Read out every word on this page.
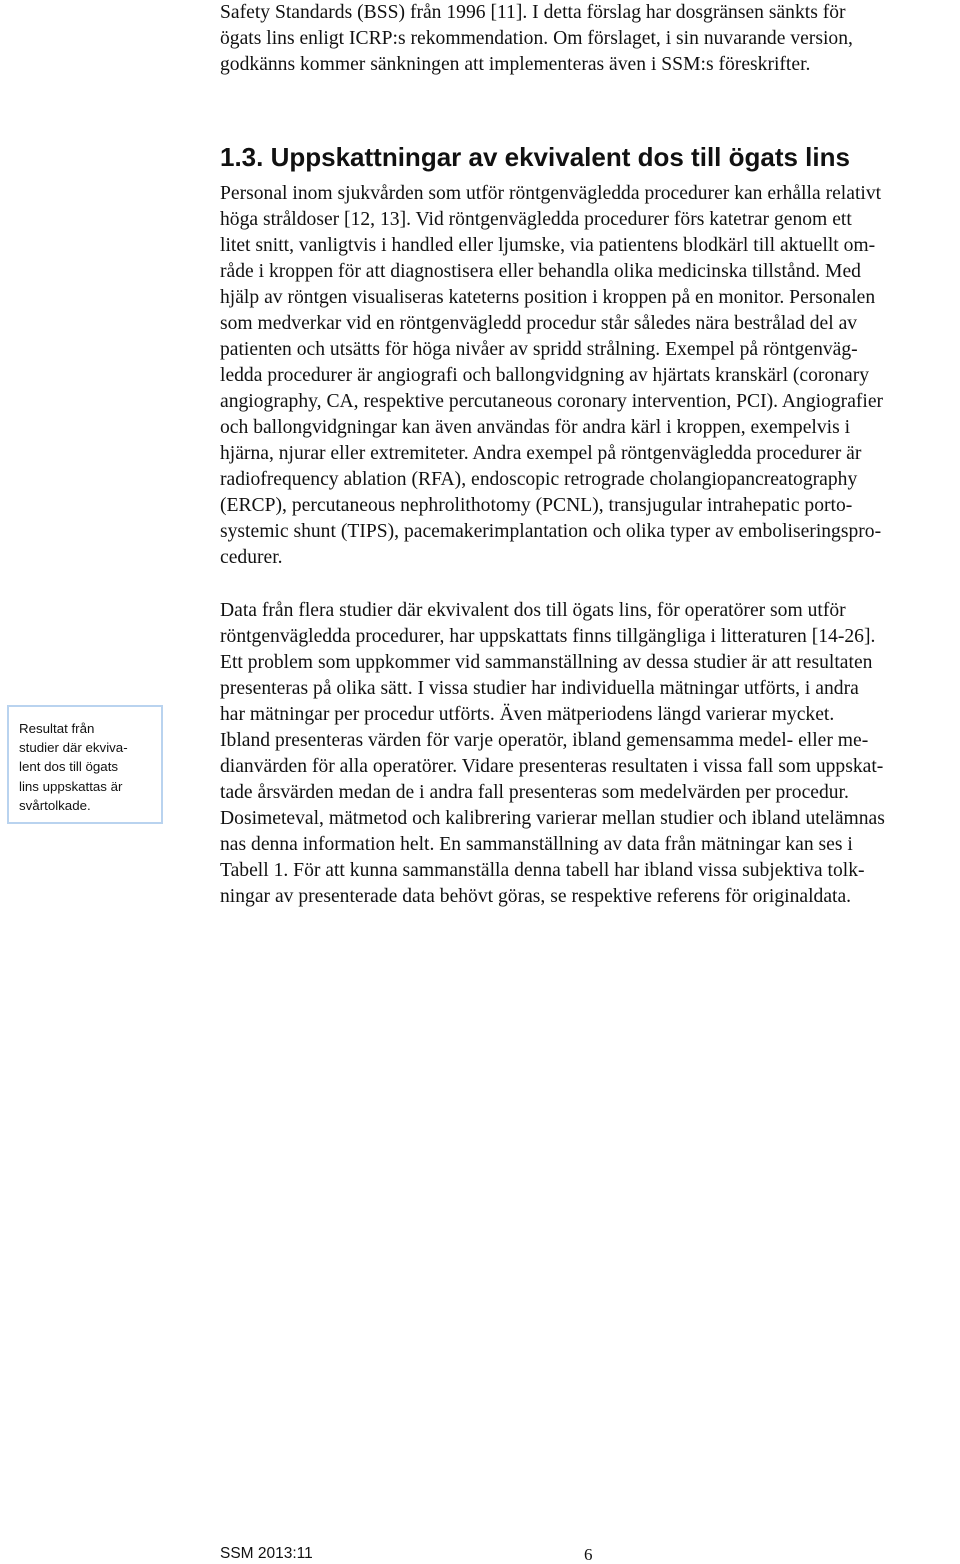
Safety Standards (BSS) från 1996 [11]. I detta förslag har dosgränsen sänkts för

ögats lins enligt ICRP:s rekommendation. Om förslaget, i sin nuvarande version,

godkänns kommer sänkningen att implementeras även i SSM:s föreskrifter.

1.3. Uppskattningar av ekvivalent dos till ögats lins

Personal inom sjukvården som utför röntgenvägledda procedurer kan erhålla relativt

höga stråldoser [12, 13]. Vid röntgenvägledda procedurer förs katetrar genom ett

litet snitt, vanligtvis i handled eller ljumske, via patientens blodkärl till aktuellt om-

råde i kroppen för att diagnostisera eller behandla olika medicinska tillstånd. Med

hjälp av röntgen visualiseras kateterns position i kroppen på en monitor. Personalen

som medverkar vid en röntgenvägledd procedur står således nära bestrålad del av

patienten och utsätts för höga nivåer av spridd strålning. Exempel på röntgenväg-

ledda procedurer är angiografi och ballongvidgning av hjärtats kranskärl (coronary

angiography, CA, respektive percutaneous coronary intervention, PCI). Angiografier

och ballongvidgningar kan även användas för andra kärl i kroppen, exempelvis i

hjärna, njurar eller extremiteter. Andra exempel på röntgenvägledda procedurer är

radiofrequency ablation (RFA), endoscopic retrograde cholangiopancreatography

(ERCP), percutaneous nephrolithotomy (PCNL), transjugular intrahepatic porto-

systemic shunt (TIPS), pacemakerimplantation och olika typer av emboliseringspro-

cedurer.

Data från flera studier där ekvivalent dos till ögats lins, för operatörer som utför

röntgenvägledda procedurer, har uppskattats finns tillgängliga i litteraturen [14-26].

Ett problem som uppkommer vid sammanställning av dessa studier är att resultaten

presenteras på olika sätt. I vissa studier har individuella mätningar utförts, i andra

har mätningar per procedur utförts. Även mätperiodens längd varierar mycket.

Ibland presenteras värden för varje operatör, ibland gemensamma medel- eller me-

dianvärden för alla operatörer. Vidare presenteras resultaten i vissa fall som uppskat-

tade årsvärden medan de i andra fall presenteras som medelvärden per procedur.

Dosimeteval, mätmetod och kalibrering varierar mellan studier och ibland utelämnas

nas denna information helt. En sammanställning av data från mätningar kan ses i

Tabell 1. För att kunna sammanställa denna tabell har ibland vissa subjektiva tolk-

ningar av presenterade data behövt göras, se respektive referens för originaldata.

Resultat från
studier där ekviva-
lent dos till ögats
lins uppskattas är
svårtolkade.
SSM 2013:11	6
